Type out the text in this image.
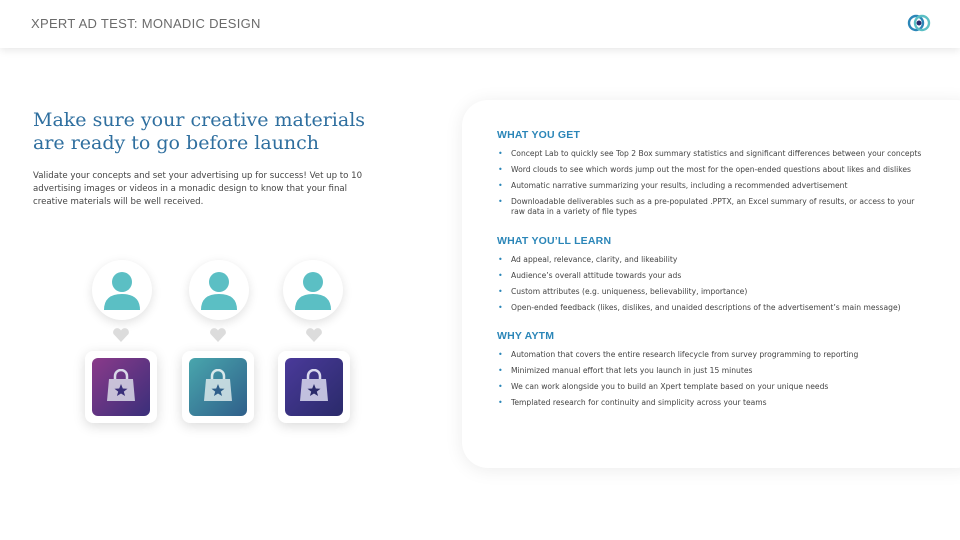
XPERT AD TEST: MONADIC DESIGN
Make sure your creative materials are ready to go before launch
Validate your concepts and set your advertising up for success! Vet up to 10 advertising images or videos in a monadic design to know that your final creative materials will be well received.
WHAT YOU GET
• Concept Lab to quickly see Top 2 Box summary statistics and significant differences between your concepts
• Word clouds to see which words jump out the most for the open-ended questions about likes and dislikes
• Automatic narrative summarizing your results, including a recommended advertisement
• Downloadable deliverables such as a pre-populated .PPTX, an Excel summary of results, or access to your raw data in a variety of file types
WHAT YOU’LL LEARN
• Ad appeal, relevance, clarity, and likeability
• Audience’s overall attitude towards your ads
• Custom attributes (e.g. uniqueness, believability, importance)
• Open-ended feedback (likes, dislikes, and unaided descriptions of the advertisement’s main message)
WHY AYTM
• Automation that covers the entire research lifecycle from survey programming to reporting
• Minimized manual effort that lets you launch in just 15 minutes
• We can work alongside you to build an Xpert template based on your unique needs
• Templated research for continuity and simplicity across your teams
